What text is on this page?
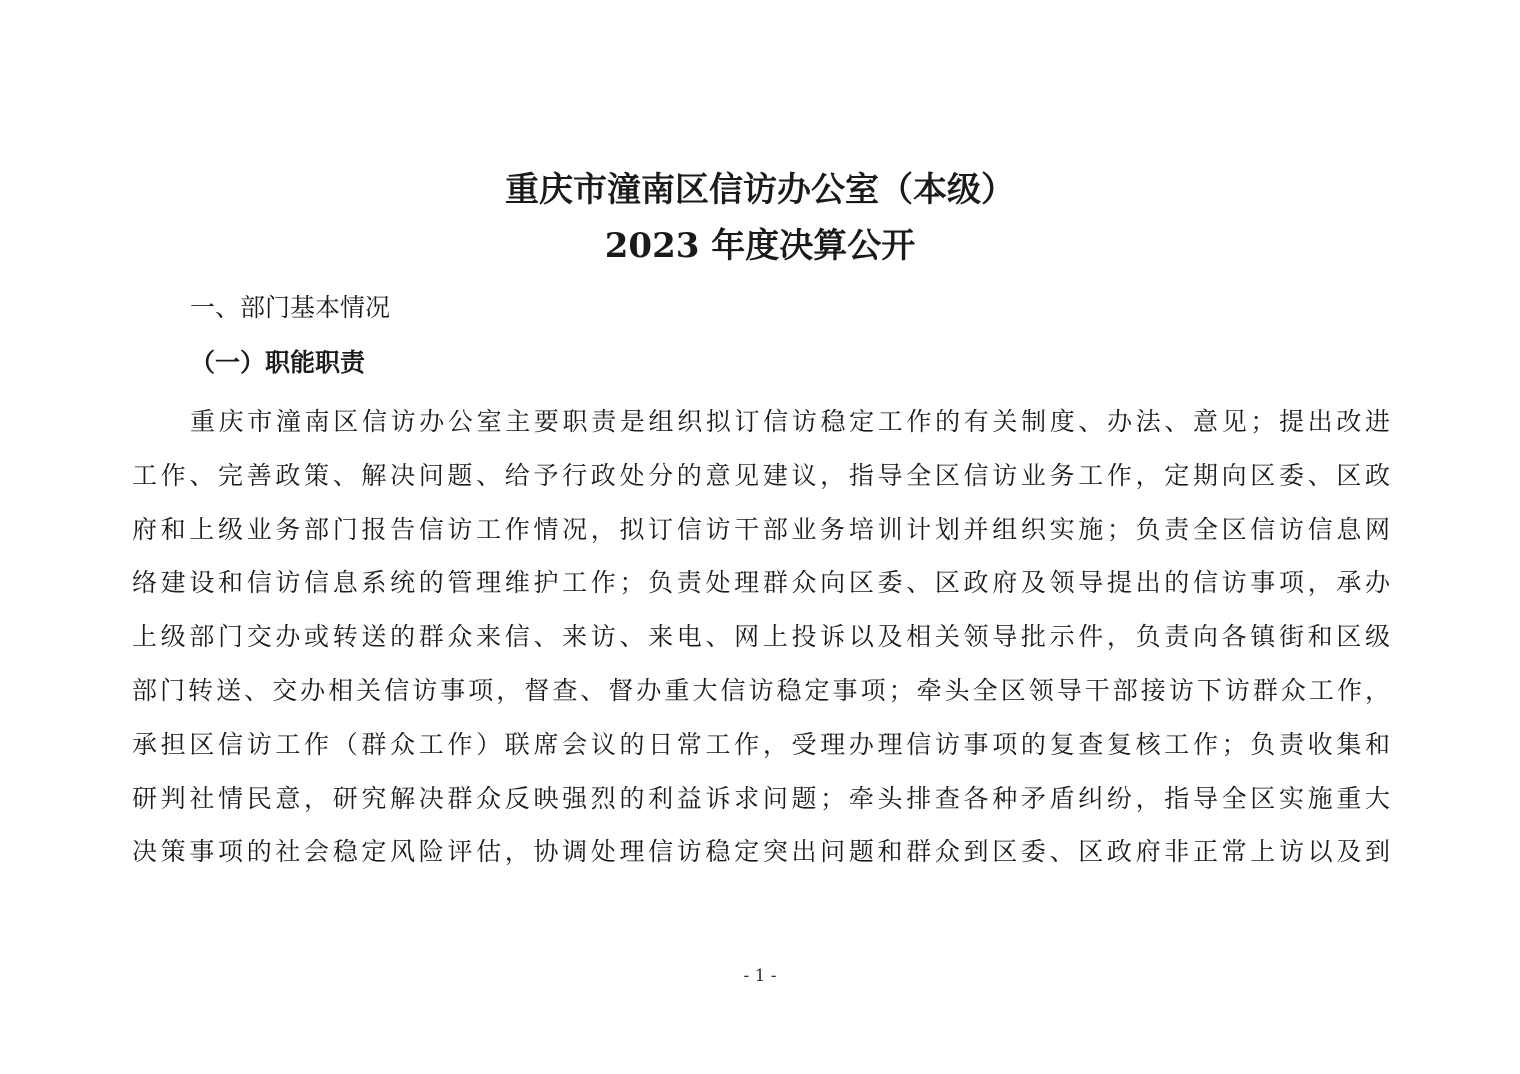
重庆市潼南区信访办公室（本级）
2023 年度决算公开
一、部门基本情况
（一）职能职责
重庆市潼南区信访办公室主要职责是组织拟订信访稳定工作的有关制度、办法、意见；提出改进
工作、完善政策、解决问题、给予行政处分的意见建议，指导全区信访业务工作，定期向区委、区政
府和上级业务部门报告信访工作情况，拟订信访干部业务培训计划并组织实施；负责全区信访信息网
络建设和信访信息系统的管理维护工作；负责处理群众向区委、区政府及领导提出的信访事项，承办
上级部门交办或转送的群众来信、来访、来电、网上投诉以及相关领导批示件，负责向各镇街和区级
部门转送、交办相关信访事项，督查、督办重大信访稳定事项；牵头全区领导干部接访下访群众工作，
承担区信访工作（群众工作）联席会议的日常工作，受理办理信访事项的复查复核工作；负责收集和
研判社情民意，研究解决群众反映强烈的利益诉求问题；牵头排查各种矛盾纠纷，指导全区实施重大
决策事项的社会稳定风险评估，协调处理信访稳定突出问题和群众到区委、区政府非正常上访以及到
- 1 -
